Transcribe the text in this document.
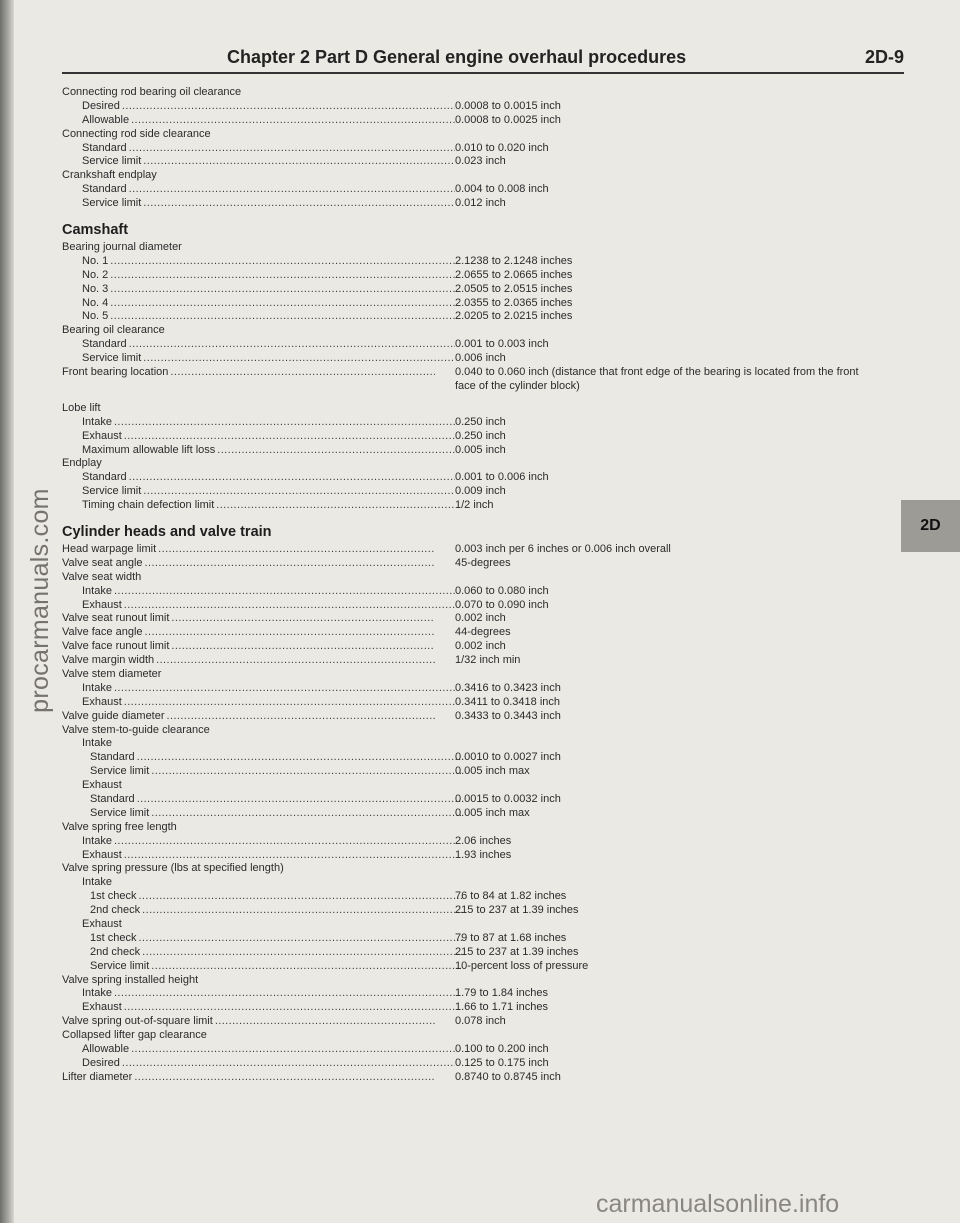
procarmanuals.com
Chapter 2 Part D General engine overhaul procedures	2D-9
2D
Connecting rod bearing oil clearance
Desired .....	0.0008 to 0.0015 inch
Allowable .....	0.0008 to 0.0025 inch
Connecting rod side clearance
Standard .....	0.010 to 0.020 inch
Service limit .....	0.023 inch
Crankshaft endplay
Standard .....	0.004 to 0.008 inch
Service limit .....	0.012 inch
Camshaft
Bearing journal diameter
No. 1 .....	2.1238 to 2.1248 inches
No. 2 .....	2.0655 to 2.0665 inches
No. 3 .....	2.0505 to 2.0515 inches
No. 4 .....	2.0355 to 2.0365 inches
No. 5 .....	2.0205 to 2.0215 inches
Bearing oil clearance
Standard .....	0.001 to 0.003 inch
Service limit .....	0.006 inch
Front bearing location .....	0.040 to 0.060 inch (distance that front edge of the bearing is located from the front face of the cylinder block)
Lobe lift
Intake .....	0.250 inch
Exhaust .....	0.250 inch
Maximum allowable lift loss .....	0.005 inch
Endplay
Standard .....	0.001 to 0.006 inch
Service limit .....	0.009 inch
Timing chain defection limit .....	1/2 inch
Cylinder heads and valve train
Head warpage limit .....	0.003 inch per 6 inches or 0.006 inch overall
Valve seat angle .....	45-degrees
Valve seat width
Intake .....	0.060 to 0.080 inch
Exhaust .....	0.070 to 0.090 inch
Valve seat runout limit .....	0.002 inch
Valve face angle .....	44-degrees
Valve face runout limit .....	0.002 inch
Valve margin width .....	1/32 inch min
Valve stem diameter
Intake .....	0.3416 to 0.3423 inch
Exhaust .....	0.3411 to 0.3418 inch
Valve guide diameter .....	0.3433 to 0.3443 inch
Valve stem-to-guide clearance
Intake
Standard .....	0.0010 to 0.0027 inch
Service limit .....	0.005 inch max
Exhaust
Standard .....	0.0015 to 0.0032 inch
Service limit .....	0.005 inch max
Valve spring free length
Intake .....	2.06 inches
Exhaust .....	1.93 inches
Valve spring pressure (lbs at specified length)
Intake
1st check .....	76 to 84 at 1.82 inches
2nd check .....	215 to 237 at 1.39 inches
Exhaust
1st check .....	79 to 87 at 1.68 inches
2nd check .....	215 to 237 at 1.39 inches
Service limit .....	10-percent loss of pressure
Valve spring installed height
Intake .....	1.79 to 1.84 inches
Exhaust .....	1.66 to 1.71 inches
Valve spring out-of-square limit .....	0.078 inch
Collapsed lifter gap clearance
Allowable .....	0.100 to 0.200 inch
Desired .....	0.125 to 0.175 inch
Lifter diameter .....	0.8740 to 0.8745 inch
carmanualsonline.info
